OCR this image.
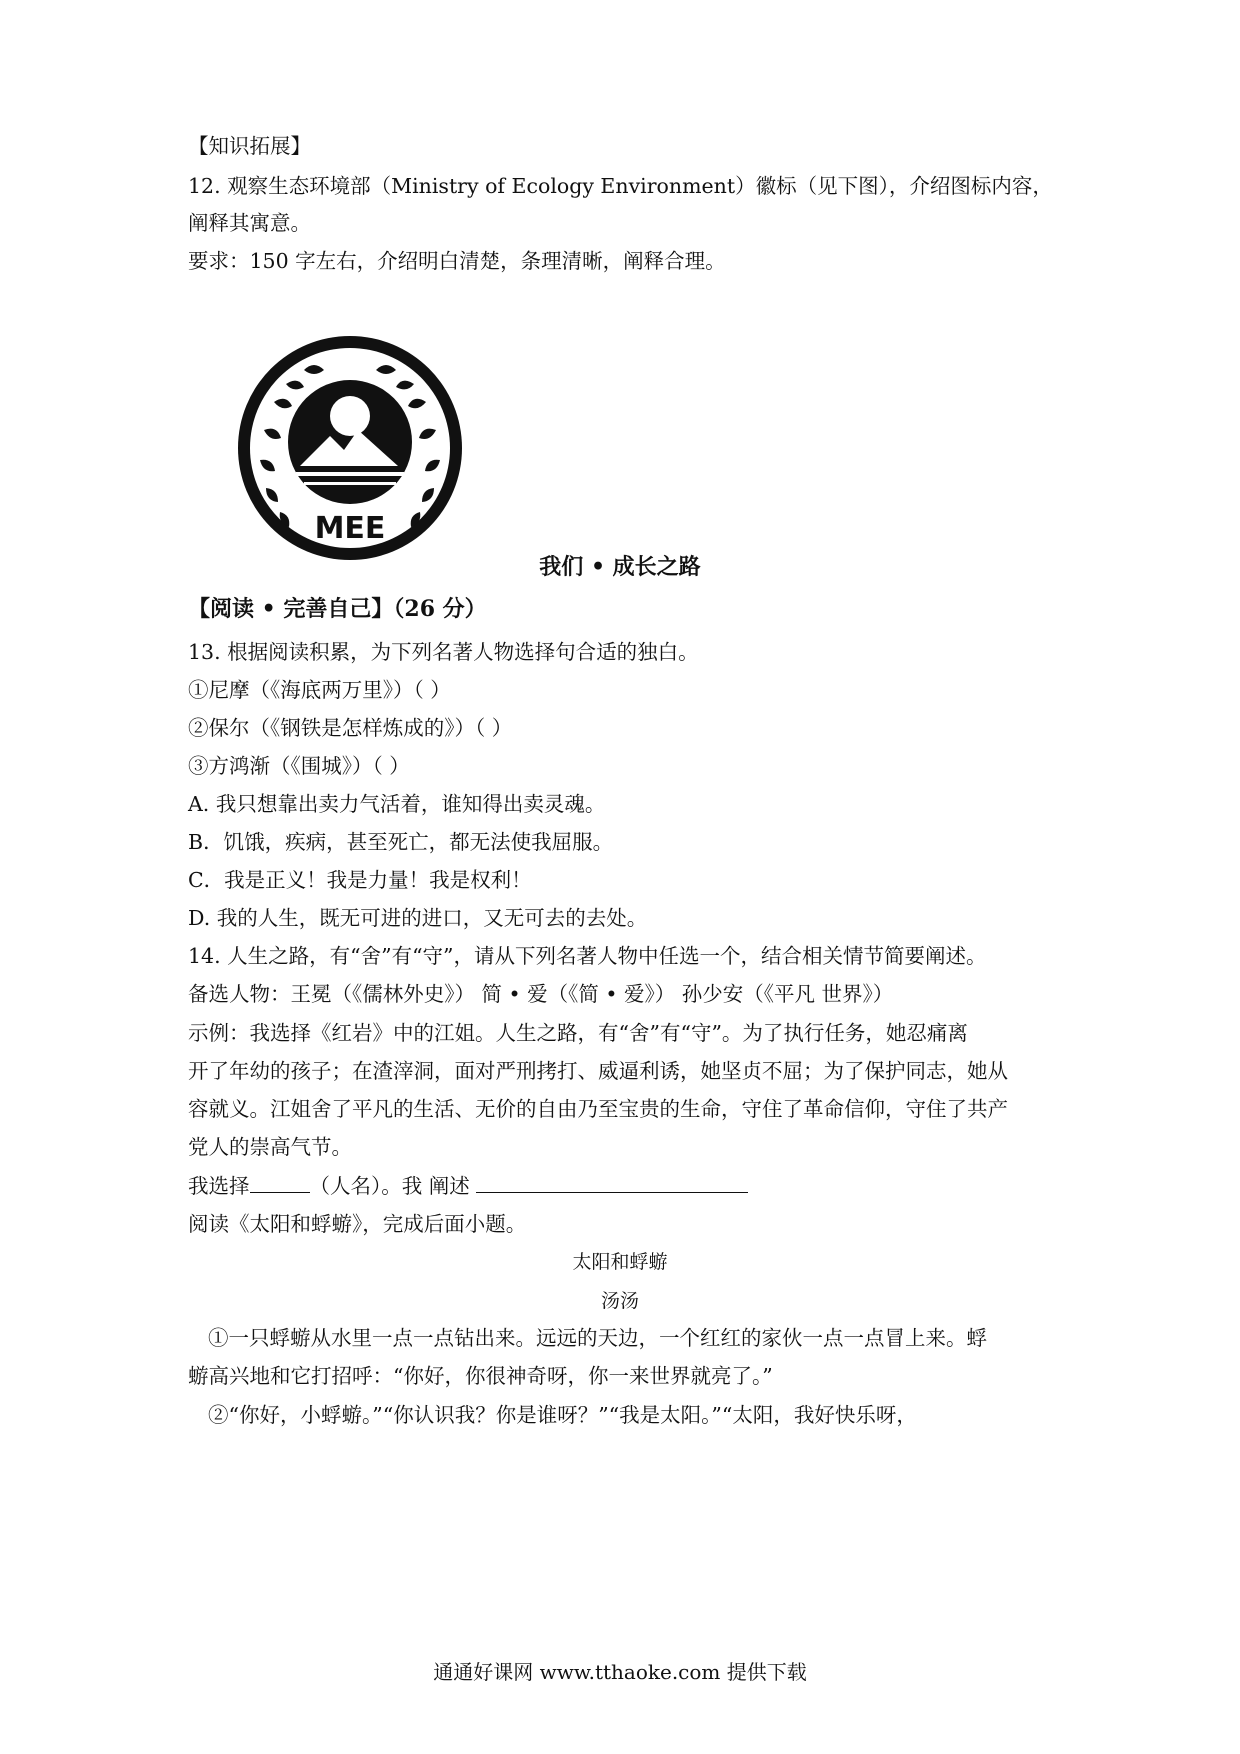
【知识拓展】
12. 观察生态环境部（Ministry of Ecology Environment）徽标（见下图），介绍图标内容，
阐释其寓意。
要求：150 字左右，介绍明白清楚，条理清晰，阐释合理。
MEE
我们 • 成长之路
【阅读 • 完善自己】（26 分）
13. 根据阅读积累，为下列名著人物选择句合适的独白。
①尼摩（《海底两万里》）（ ）
②保尔（《钢铁是怎样炼成的》）（ ）
③方鸿渐（《围城》）（ ）
A. 我只想靠出卖力气活着，谁知得出卖灵魂。
B．饥饿，疾病，甚至死亡，都无法使我屈服。
C．我是正义！我是力量！我是权利！
D. 我的人生，既无可进的进口，又无可去的去处。
14. 人生之路，有“舍”有“守”，请从下列名著人物中任选一个，结合相关情节简要阐述。
备选人物：王冕（《儒林外史》） 简 • 爱（《简 • 爱》） 孙少安（《平凡 世界》）
示例：我选择《红岩》中的江姐。人生之路，有“舍”有“守”。为了执行任务，她忍痛离
开了年幼的孩子；在渣滓洞，面对严刑拷打、威逼利诱，她坚贞不屈；为了保护同志，她从
容就义。江姐舍了平凡的生活、无价的自由乃至宝贵的生命，守住了革命信仰，守住了共产
党人的崇高气节。
我选择	（人名）。我 阐述
阅读《太阳和蜉蝣》，完成后面小题。
太阳和蜉蝣
汤汤
①一只蜉蝣从水里一点一点钻出来。远远的天边，一个红红的家伙一点一点冒上来。蜉
蝣高兴地和它打招呼：“你好，你很神奇呀，你一来世界就亮了。”
②“你好，小蜉蝣。”“你认识我？你是谁呀？”“我是太阳。”“太阳，我好快乐呀，
通通好课网 www.tthaoke.com 提供下载
